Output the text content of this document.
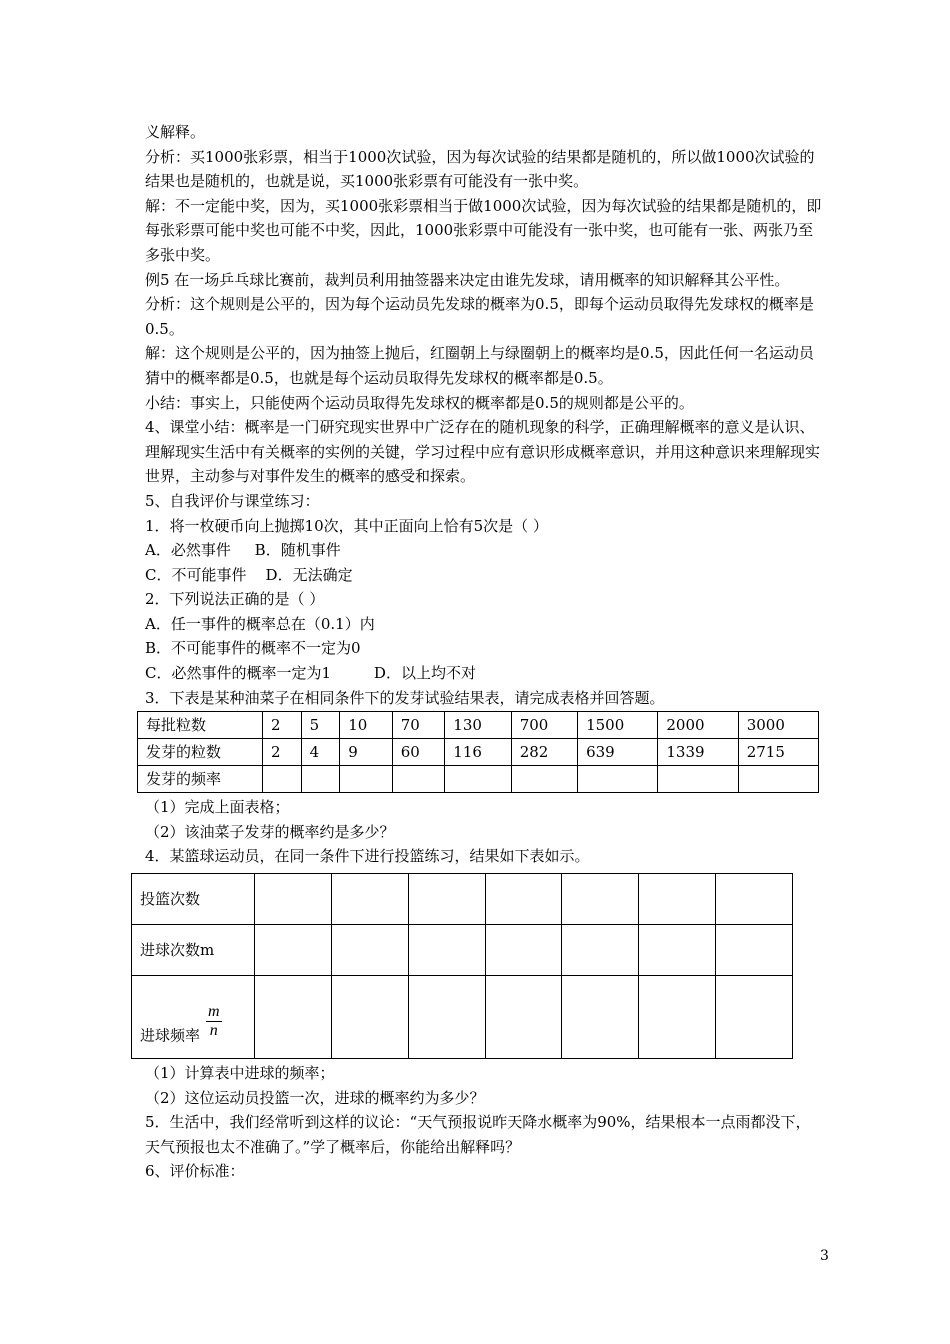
义解释。

分析：买1000张彩票，相当于1000次试验，因为每次试验的结果都是随机的，所以做1000次试验的结果也是随机的，也就是说，买1000张彩票有可能没有一张中奖。

解：不一定能中奖，因为，买1000张彩票相当于做1000次试验，因为每次试验的结果都是随机的，即每张彩票可能中奖也可能不中奖，因此，1000张彩票中可能没有一张中奖，也可能有一张、两张乃至多张中奖。

例5 在一场乒乓球比赛前，裁判员利用抽签器来决定由谁先发球，请用概率的知识解释其公平性。

分析：这个规则是公平的，因为每个运动员先发球的概率为0.5，即每个运动员取得先发球权的概率是0.5。

解：这个规则是公平的，因为抽签上抛后，红圈朝上与绿圈朝上的概率均是0.5，因此任何一名运动员猜中的概率都是0.5，也就是每个运动员取得先发球权的概率都是0.5。

小结：事实上，只能使两个运动员取得先发球权的概率都是0.5的规则都是公平的。

4、课堂小结：概率是一门研究现实世界中广泛存在的随机现象的科学，正确理解概率的意义是认识、理解现实生活中有关概率的实例的关键，学习过程中应有意识形成概率意识，并用这种意识来理解现实世界，主动参与对事件发生的概率的感受和探索。

5、自我评价与课堂练习：

1．将一枚硬币向上抛掷10次，其中正面向上恰有5次是（ ）

A．必然事件     B．随机事件

C．不可能事件    D．无法确定

2．下列说法正确的是（ ）

A．任一事件的概率总在（0.1）内

B．不可能事件的概率不一定为0

C．必然事件的概率一定为1         D．以上均不对

3．下表是某种油菜子在相同条件下的发芽试验结果表，请完成表格并回答题。

每批粒数	2	5	10	70	130	700	1500	2000	3000
发芽的粒数	2	4	9	60	116	282	639	1339	2715
发芽的频率									

（1）完成上面表格；

（2）该油菜子发芽的概率约是多少？

4．某篮球运动员，在同一条件下进行投篮练习，结果如下表如示。

投篮次数							
进球次数m							
进球频率 $\frac{m}{n}$

（1）计算表中进球的频率；

（2）这位运动员投篮一次，进球的概率约为多少？

5．生活中，我们经常听到这样的议论：“天气预报说昨天降水概率为90%，结果根本一点雨都没下，天气预报也太不准确了。”学了概率后，你能给出解释吗？

6、评价标准：

3
